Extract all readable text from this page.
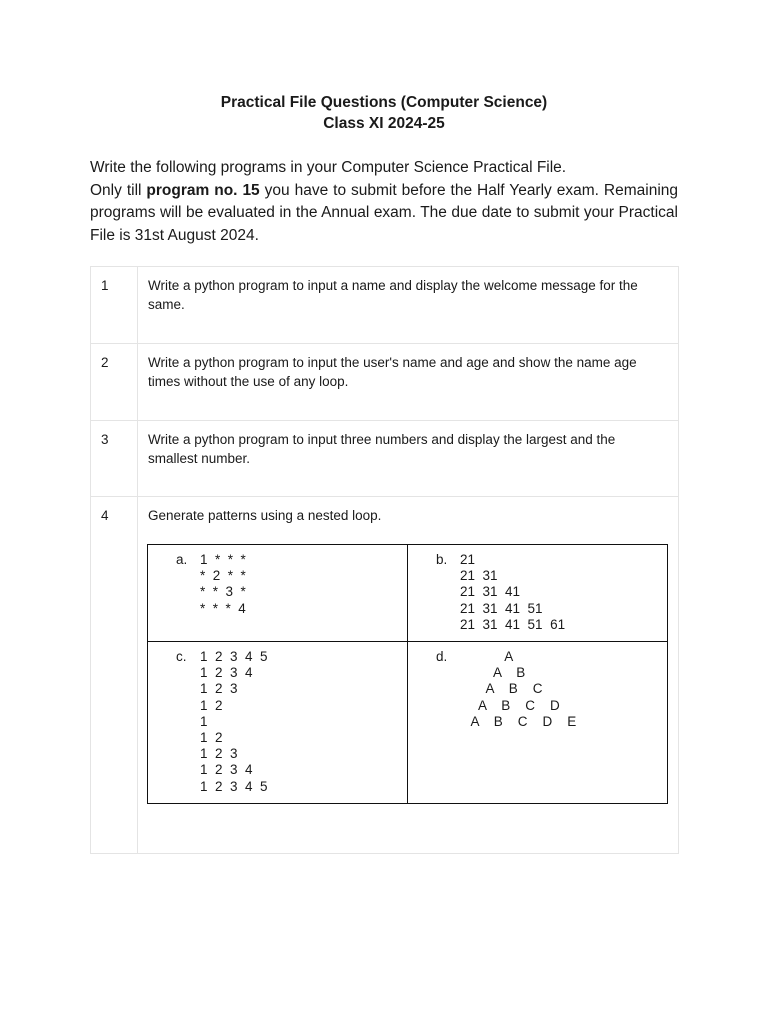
Practical File Questions (Computer Science)
Class XI 2024-25

Write the following programs in your Computer Science Practical File.

Only till program no. 15 you have to submit before the Half Yearly exam. Remaining programs will be evaluated in the Annual exam. The due date to submit your Practical File is 31st August 2024.

1	Write a python program to input a name and display the welcome message for the same.
2	Write a python program to input the user's name and age and show the name age times without the use of any loop.
3	Write a python program to input three numbers and display the largest and the smallest number.
4	Generate patterns using a nested loop.
a. 1  *  *  *
*  2  *  *
*  *  3  *
*  *  *  4

b. 21
21  31
21  31  41
21  31  41  51
21  31  41  51  61

c. 1  2  3  4  5
1  2  3  4
1  2  3
1  2
1
1  2
1  2  3
1  2  3  4
1  2  3  4  5

d. A
A    B
A    B    C
A    B    C    D
A    B    C    D    E
